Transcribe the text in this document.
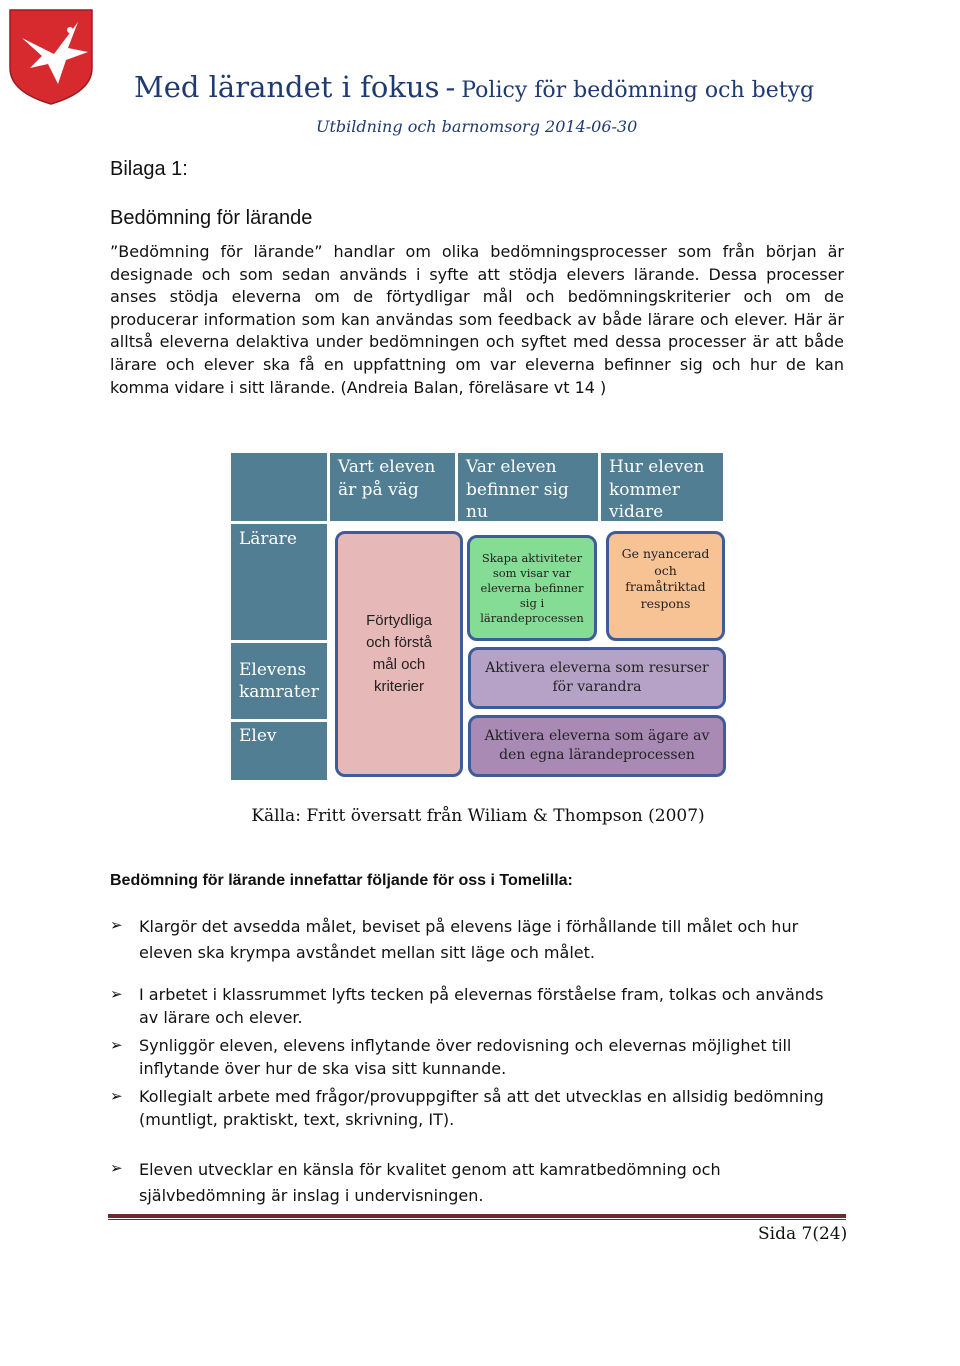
Med lärandet i fokus - Policy för bedömning och betyg
Utbildning och barnomsorg 2014-06-30
Bilaga 1:
Bedömning för lärande
”Bedömning för lärande” handlar om olika bedömningsprocesser som från början är designade och som sedan används i syfte att stödja elevers lärande. Dessa processer anses stödja eleverna om de förtydligar mål och bedömningskriterier och om de producerar information som kan användas som feedback av både lärare och elever. Här är alltså eleverna delaktiva under bedömningen och syftet med dessa processer är att både lärare och elever ska få en uppfattning om var eleverna befinner sig och hur de kan komma vidare i sitt lärande. (Andreia Balan, föreläsare vt 14 )
Vart eleven är på väg
Var eleven befinner sig nu
Hur eleven kommer vidare
Lärare
Elevens kamrater
Elev
Förtydliga och förstå mål och kriterier
Skapa aktiviteter som visar var eleverna befinner sig i lärandeprocessen
Ge nyancerad och framåtriktad respons
Aktivera eleverna som resurser för varandra
Aktivera eleverna som ägare av den egna lärandeprocessen
Källa: Fritt översatt från Wiliam & Thompson (2007)
Bedömning för lärande innefattar följande för oss i Tomelilla:
➢ Klargör det avsedda målet, beviset på elevens läge i förhållande till målet och hur eleven ska krympa avståndet mellan sitt läge och målet.
➢ I arbetet i klassrummet lyfts tecken på elevernas förståelse fram, tolkas och används av lärare och elever.
➢ Synliggör eleven, elevens inflytande över redovisning och elevernas möjlighet till inflytande över hur de ska visa sitt kunnande.
➢ Kollegialt arbete med frågor/provuppgifter så att det utvecklas en allsidig bedömning (muntligt, praktiskt, text, skrivning, IT).
➢ Eleven utvecklar en känsla för kvalitet genom att kamratbedömning och självbedömning är inslag i undervisningen.
Sida 7(24)
